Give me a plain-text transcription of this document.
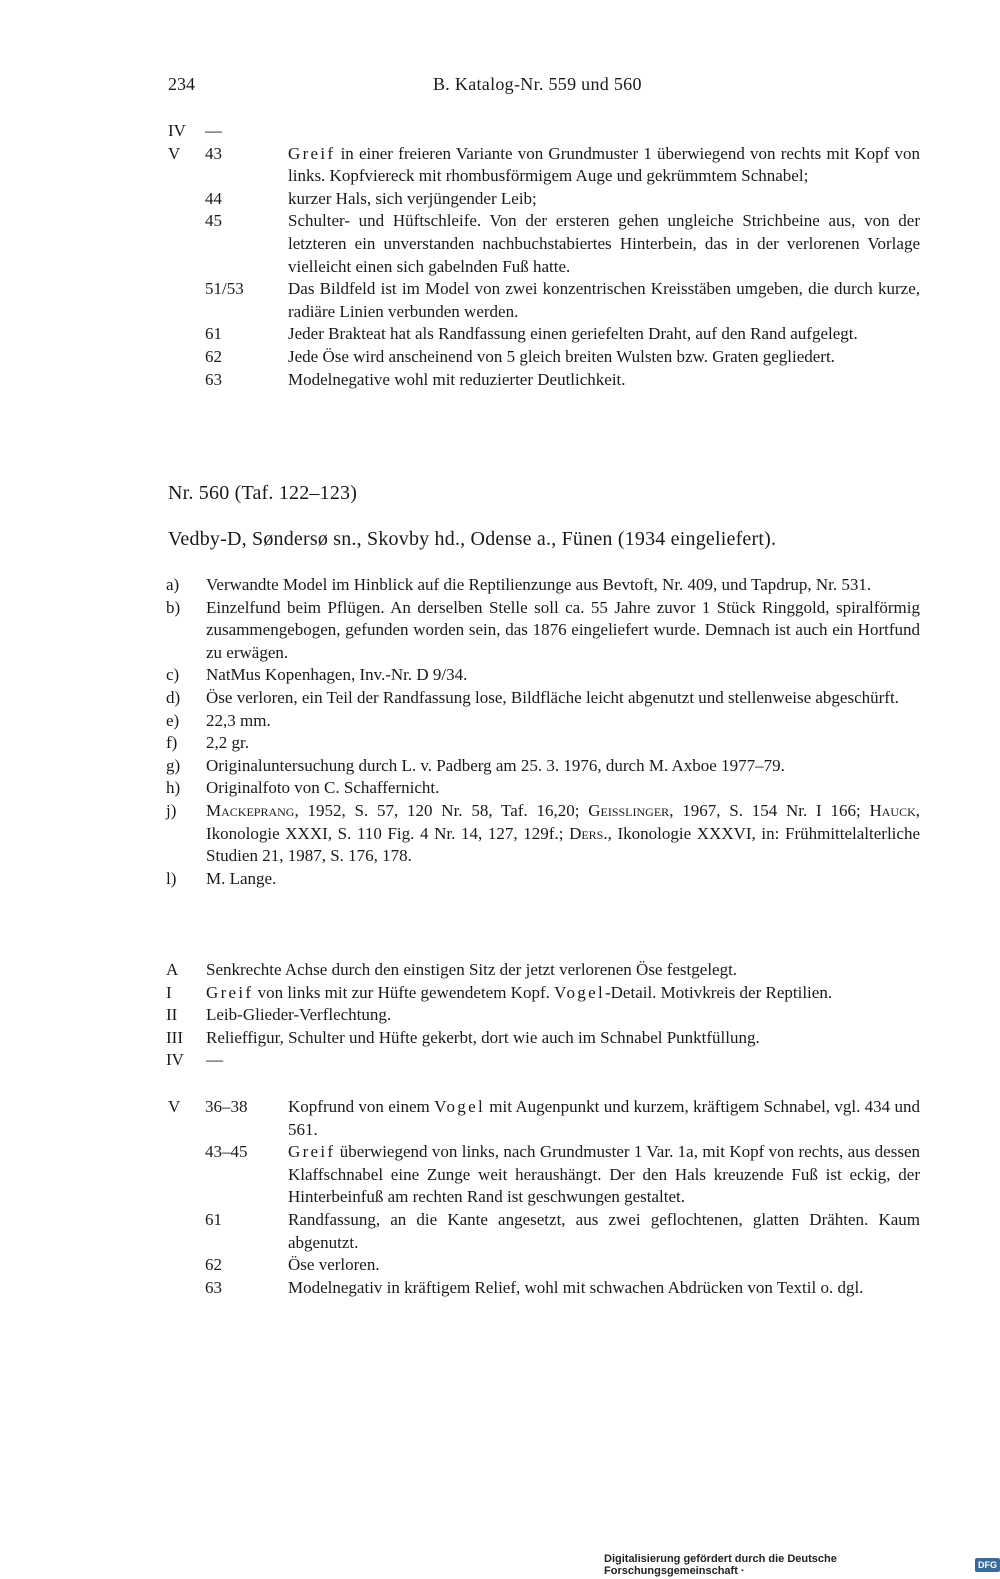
234	B. Katalog-Nr. 559 und 560
IV	—
V	43	Greif in einer freieren Variante von Grundmuster 1 überwiegend von rechts mit Kopf von links. Kopfviereck mit rhombusförmigem Auge und gekrümmtem Schnabel;
44	kurzer Hals, sich verjüngender Leib;
45	Schulter- und Hüftschleife. Von der ersteren gehen ungleiche Strichbeine aus, von der letzteren ein unverstanden nachbuchstabiertes Hinterbein, das in der verlorenen Vorlage vielleicht einen sich gabelnden Fuß hatte.
51/53	Das Bildfeld ist im Model von zwei konzentrischen Kreisstäben umgeben, die durch kurze, radiäre Linien verbunden werden.
61	Jeder Brakteat hat als Randfassung einen geriefelten Draht, auf den Rand aufgelegt.
62	Jede Öse wird anscheinend von 5 gleich breiten Wulsten bzw. Graten gegliedert.
63	Modelnegative wohl mit reduzierter Deutlichkeit.
Nr. 560 (Taf. 122–123)
Vedby-D, Søndersø sn., Skovby hd., Odense a., Fünen (1934 eingeliefert).
a)	Verwandte Model im Hinblick auf die Reptilienzunge aus Bevtoft, Nr. 409, und Tapdrup, Nr. 531.
b)	Einzelfund beim Pflügen. An derselben Stelle soll ca. 55 Jahre zuvor 1 Stück Ringgold, spiralförmig zusammengebogen, gefunden worden sein, das 1876 eingeliefert wurde. Demnach ist auch ein Hortfund zu erwägen.
c)	NatMus Kopenhagen, Inv.-Nr. D 9/34.
d)	Öse verloren, ein Teil der Randfassung lose, Bildfläche leicht abgenutzt und stellenweise abgeschürft.
e)	22,3 mm.
f)	2,2 gr.
g)	Originaluntersuchung durch L. v. Padberg am 25. 3. 1976, durch M. Axboe 1977–79.
h)	Originalfoto von C. Schaffernicht.
j)	Mackeprang, 1952, S. 57, 120 Nr. 58, Taf. 16,20; Geisslinger, 1967, S. 154 Nr. I 166; Hauck, Ikonologie XXXI, S. 110 Fig. 4 Nr. 14, 127, 129f.; Ders., Ikonologie XXXVI, in: Frühmittelalterliche Studien 21, 1987, S. 176, 178.
l)	M. Lange.
A	Senkrechte Achse durch den einstigen Sitz der jetzt verlorenen Öse festgelegt.
I	Greif von links mit zur Hüfte gewendetem Kopf. Vogel-Detail. Motivkreis der Reptilien.
II	Leib-Glieder-Verflechtung.
III	Relieffigur, Schulter und Hüfte gekerbt, dort wie auch im Schnabel Punktfüllung.
IV	—
V	36–38	Kopfrund von einem Vogel mit Augenpunkt und kurzem, kräftigem Schnabel, vgl. 434 und 561.
43–45	Greif überwiegend von links, nach Grundmuster 1 Var. 1a, mit Kopf von rechts, aus dessen Klaffschnabel eine Zunge weit heraushängt. Der den Hals kreuzende Fuß ist eckig, der Hinterbeinfuß am rechten Rand ist geschwungen gestaltet.
61	Randfassung, an die Kante angesetzt, aus zwei geflochtenen, glatten Drähten. Kaum abgenutzt.
62	Öse verloren.
63	Modelnegativ in kräftigem Relief, wohl mit schwachen Abdrücken von Textil o. dgl.
Digitalisierung gefördert durch die Deutsche Forschungsgemeinschaft ·	DFG
